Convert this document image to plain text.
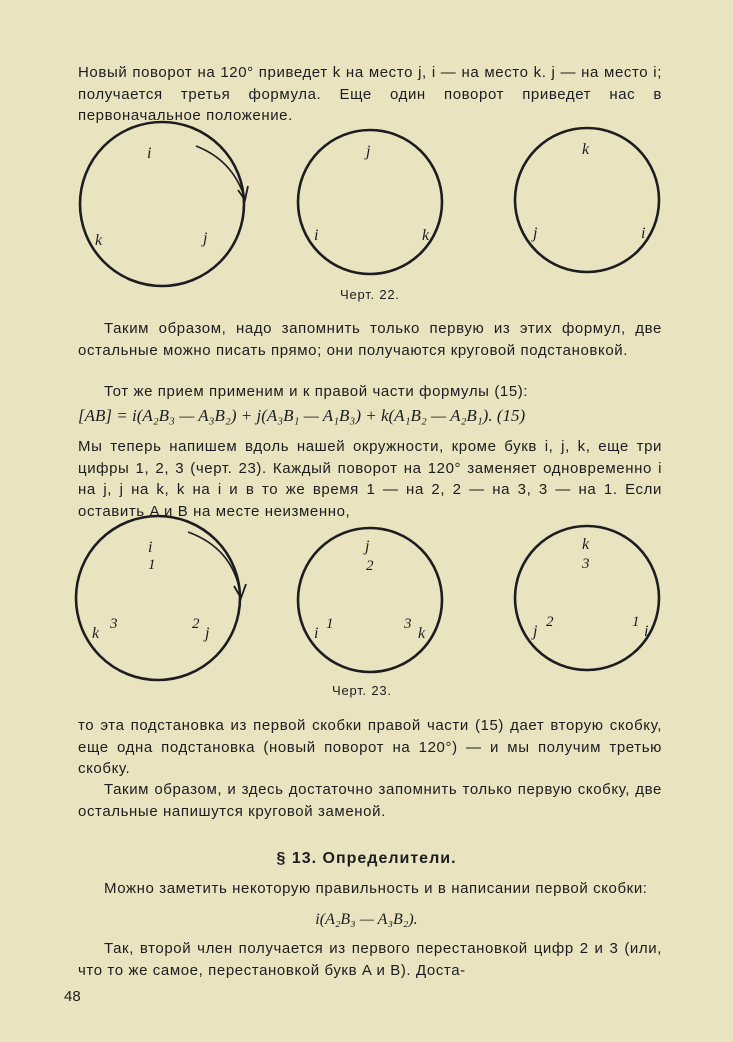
Новый поворот на 120° приведет k на место j, i — на место k. j — на место i; получается третья формула. Еще один поворот приведет нас в первоначальное положение.

i
k	j
j
i	k
k
j	i
i
1
k
3	2
j
j
2
i
1	3
k
k
3
j
2	1
i
Черт. 22.

Таким образом, надо запомнить только первую из этих формул, две остальные можно писать прямо; они получаются круговой подстановкой.

Тот же прием применим и к правой части формулы (15):

[AB] = i(A₂B₃ — A₃B₂) + j(A₃B₁ — A₁B₃) + k(A₁B₂ — A₂B₁). (15)

Мы теперь напишем вдоль нашей окружности, кроме букв i, j, k, еще три цифры 1, 2, 3 (черт. 23). Каждый поворот на 120° заменяет одновременно i на j, j на k, k на i и в то же время 1 — на 2, 2 — на 3, 3 — на 1. Если оставить A и B на месте неизменно,

Черт. 23.

то эта подстановка из первой скобки правой части (15) дает вторую скобку, еще одна подстановка (новый поворот на 120°) — и мы получим третью скобку.

Таким образом, и здесь достаточно запомнить только первую скобку, две остальные напишутся круговой заменой.

§ 13. Определители.

Можно заметить некоторую правильность и в написании первой скобки:

i(A₂B₃ — A₃B₂).

Так, второй член получается из первого перестановкой цифр 2 и 3 (или, что то же самое, перестановкой букв A и B). Доста-

48
